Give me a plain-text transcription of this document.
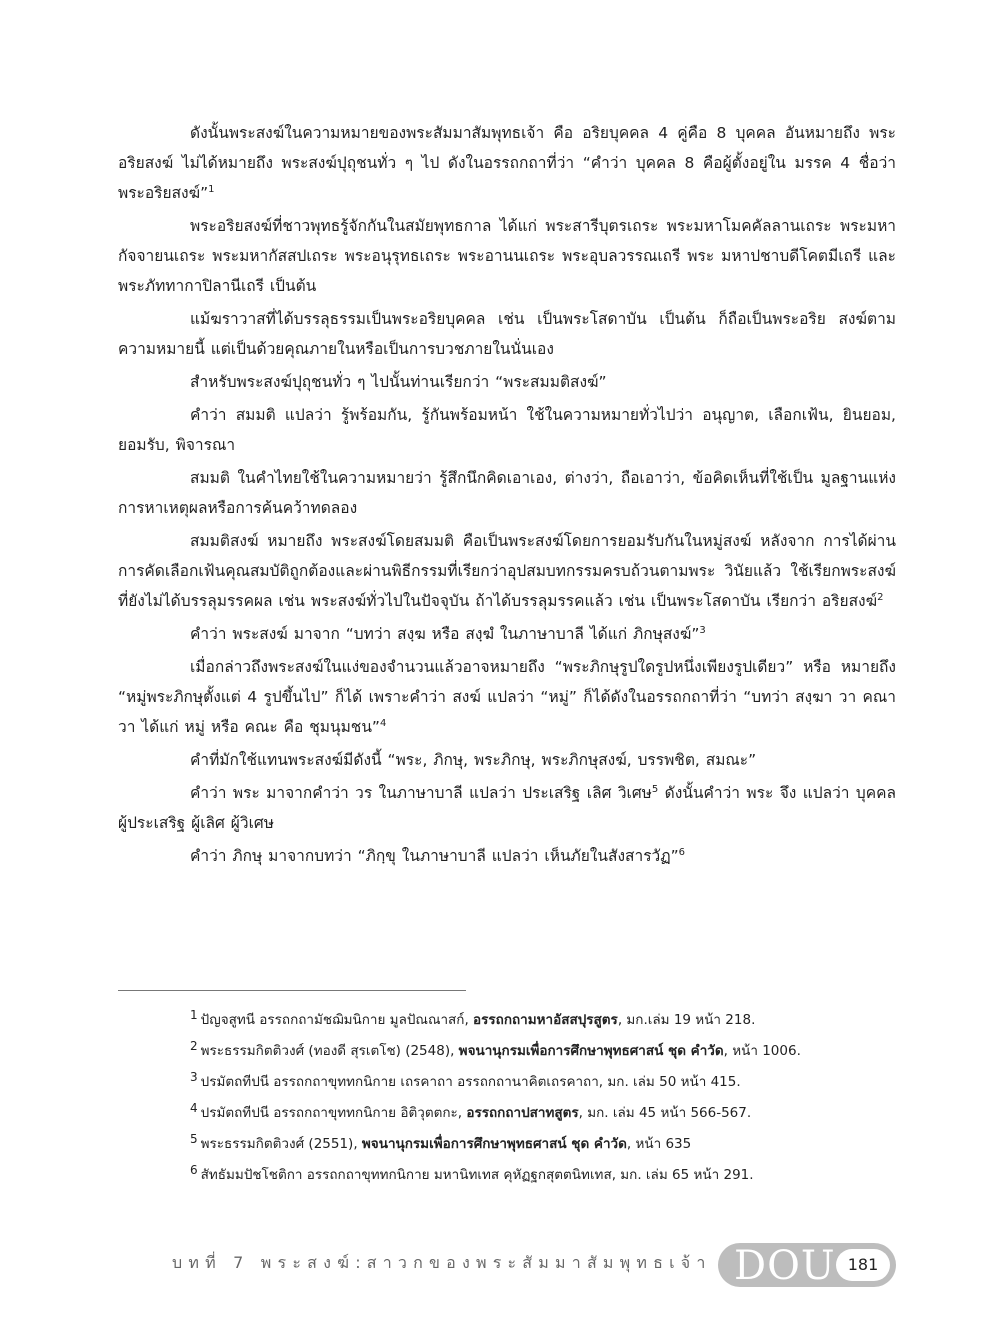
ดังนั้นพระสงฆ์ในความหมายของพระสัมมาสัมพุทธเจ้า คือ อริยบุคคล 4 คู่คือ 8 บุคคล อันหมายถึง พระอริยสงฆ์ ไม่ได้หมายถึง พระสงฆ์ปุถุชนทั่ว ๆ ไป ดังในอรรถกถาที่ว่า “คำว่า บุคคล 8 คือผู้ตั้งอยู่ใน มรรค 4 ชื่อว่า พระอริยสงฆ์”$^1$

พระอริยสงฆ์ที่ชาวพุทธรู้จักกันในสมัยพุทธกาล ได้แก่ พระสารีบุตรเถระ พระมหาโมคคัลลานเถระ พระมหากัจจายนเถระ พระมหากัสสปเถระ พระอนุรุทธเถระ พระอานนเถระ พระอุบลวรรณเถรี พระ มหาปชาบดีโคตมีเถรี และ พระภัททากาปิลานีเถรี เป็นต้น

แม้ฆราวาสที่ได้บรรลุธรรมเป็นพระอริยบุคคล เช่น เป็นพระโสดาบัน เป็นต้น ก็ถือเป็นพระอริย สงฆ์ตามความหมายนี้ แต่เป็นด้วยคุณภายในหรือเป็นการบวชภายในนั่นเอง

สำหรับพระสงฆ์ปุถุชนทั่ว ๆ ไปนั้นท่านเรียกว่า “พระสมมติสงฆ์”

คำว่า สมมติ แปลว่า รู้พร้อมกัน, รู้กันพร้อมหน้า ใช้ในความหมายทั่วไปว่า อนุญาต, เลือกเฟ้น, ยินยอม, ยอมรับ, พิจารณา

สมมติ ในคำไทยใช้ในความหมายว่า รู้สึกนึกคิดเอาเอง, ต่างว่า, ถือเอาว่า, ข้อคิดเห็นที่ใช้เป็น มูลฐานแห่งการหาเหตุผลหรือการค้นคว้าทดลอง

สมมติสงฆ์ หมายถึง พระสงฆ์โดยสมมติ คือเป็นพระสงฆ์โดยการยอมรับกันในหมู่สงฆ์ หลังจาก การได้ผ่านการคัดเลือกเฟ้นคุณสมบัติถูกต้องและผ่านพิธีกรรมที่เรียกว่าอุปสมบทกรรมครบถ้วนตามพระ วินัยแล้ว ใช้เรียกพระสงฆ์ที่ยังไม่ได้บรรลุมรรคผล เช่น พระสงฆ์ทั่วไปในปัจจุบัน ถ้าได้บรรลุมรรคแล้ว เช่น เป็นพระโสดาบัน เรียกว่า อริยสงฆ์$^2$

คำว่า พระสงฆ์ มาจาก “บทว่า สงฺฆ หรือ สงฺฆํ ในภาษาบาลี ได้แก่ ภิกษุสงฆ์”$^3$

เมื่อกล่าวถึงพระสงฆ์ในแง่ของจำนวนแล้วอาจหมายถึง “พระภิกษุรูปใดรูปหนึ่งเพียงรูปเดียว” หรือ หมายถึง “หมู่พระภิกษุตั้งแต่ 4 รูปขึ้นไป” ก็ได้ เพราะคำว่า สงฆ์ แปลว่า “หมู่” ก็ได้ดังในอรรถกถาที่ว่า “บทว่า สงฺฆา วา คณา วา ได้แก่ หมู่ หรือ คณะ คือ ชุมนุมชน”$^4$

คำที่มักใช้แทนพระสงฆ์มีดังนี้ “พระ, ภิกษุ, พระภิกษุ, พระภิกษุสงฆ์, บรรพชิต, สมณะ”

คำว่า พระ มาจากคำว่า วร ในภาษาบาลี แปลว่า ประเสริฐ เลิศ วิเศษ$^5$ ดังนั้นคำว่า พระ จึง แปลว่า บุคคลผู้ประเสริฐ ผู้เลิศ ผู้วิเศษ

คำว่า ภิกษุ มาจากบทว่า “ภิกฺขุ ในภาษาบาลี แปลว่า เห็นภัยในสังสารวัฏ”$^6$

$^1$ ปัญจสูทนี อรรถกถามัชฌิมนิกาย มูลปัณณาสก์, อรรถกถามหาอัสสปุรสูตร, มก.เล่ม 19 หน้า 218.

$^2$ พระธรรมกิตติวงศ์ (ทองดี สุรเตโช) (2548), พจนานุกรมเพื่อการศึกษาพุทธศาสน์ ชุด คำวัด, หน้า 1006.

$^3$ ปรมัตถทีปนี อรรถกถาขุททกนิกาย เถรคาถา อรรถกถานาคิตเถรคาถา, มก. เล่ม 50 หน้า 415.

$^4$ ปรมัตถทีปนี อรรถกถาขุททกนิกาย อิติวุตตกะ, อรรถกถาปสาทสูตร, มก. เล่ม 45 หน้า 566-567.

$^5$ พระธรรมกิตติวงศ์ (2551), พจนานุกรมเพื่อการศึกษาพุทธศาสน์ ชุด คำวัด, หน้า 635

$^6$ สัทธัมมปัชโชติกา อรรถกถาขุททกนิกาย มหานิทเทส คุหัฏฐกสุตตนิทเทส, มก. เล่ม 65 หน้า 291.

บทที่ 7 พระสงฆ์:สาวกของพระสัมมาสัมพุทธเจ้า DOU 181
